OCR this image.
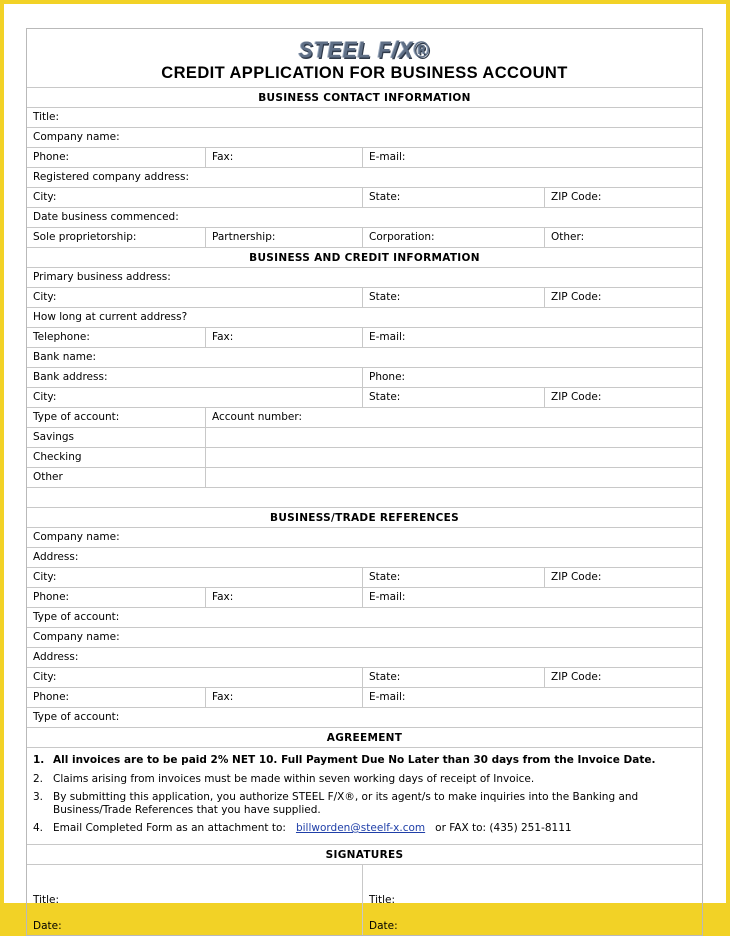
STEEL F/X®
CREDIT APPLICATION FOR BUSINESS ACCOUNT
BUSINESS CONTACT INFORMATION
Title:
Company name:
Phone:	Fax:	E-mail:
Registered company address:
City:	State:	ZIP Code:
Date business commenced:
Sole proprietorship:	Partnership:	Corporation:	Other:
BUSINESS AND CREDIT INFORMATION
Primary business address:
City:	State:	ZIP Code:
How long at current address?
Telephone:	Fax:	E-mail:
Bank name:
Bank address:	Phone:
City:	State:	ZIP Code:
Type of account:	Account number:
Savings
Checking
Other
BUSINESS/TRADE REFERENCES
Company name:
Address:
City:	State:	ZIP Code:
Phone:	Fax:	E-mail:
Type of account:
Company name:
Address:
City:	State:	ZIP Code:
Phone:	Fax:	E-mail:
Type of account:
AGREEMENT
1. All invoices are to be paid 2% NET 10. Full Payment Due No Later than 30 days from the Invoice Date.
2. Claims arising from invoices must be made within seven working days of receipt of Invoice.
3. By submitting this application, you authorize STEEL F/X®, or its agent/s to make inquiries into the Banking and Business/Trade References that you have supplied.
4. Email Completed Form as an attachment to: billworden@steelf-x.com or FAX to: (435) 251-8111
SIGNATURES
Title:
Date:
Title:
Date:
